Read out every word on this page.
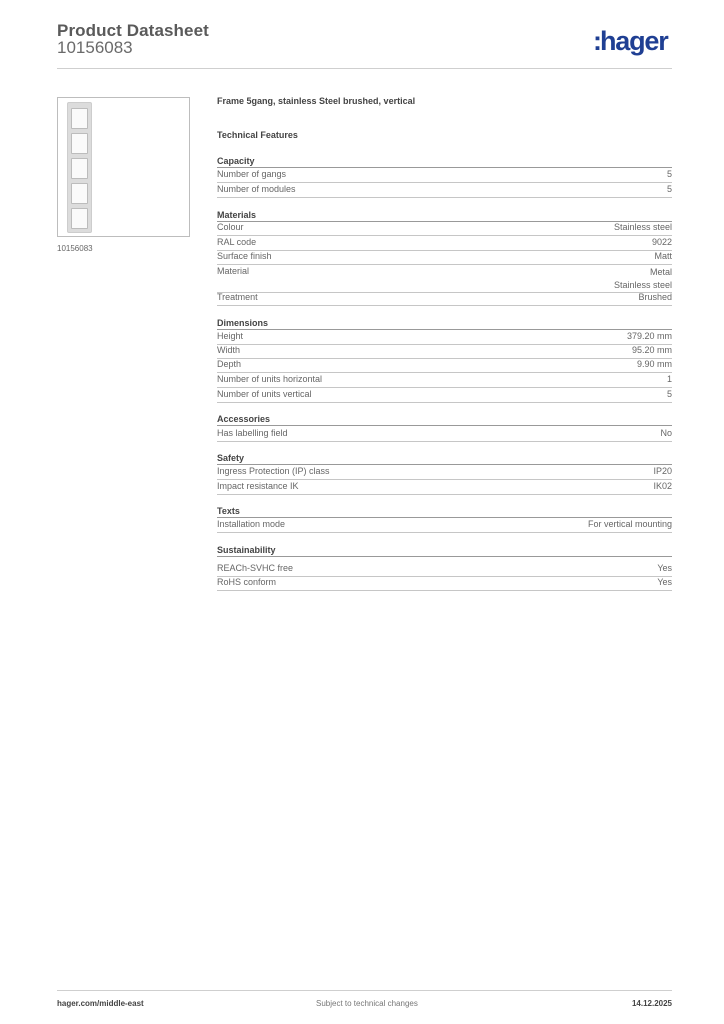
Product Datasheet
10156083	:hager
10156083
Frame 5gang, stainless Steel brushed, vertical
Technical Features
Capacity
Number of gangs	5
Number of modules	5
Materials
Colour	Stainless steel
RAL code	9022
Surface finish	Matt
Material	Metal
Stainless steel
Treatment	Brushed
Dimensions
Height	379.20 mm
Width	95.20 mm
Depth	9.90 mm
Number of units horizontal	1
Number of units vertical	5
Accessories
Has labelling field	No
Safety
Ingress Protection (IP) class	IP20
Impact resistance IK	IK02
Texts
Installation mode	For vertical mounting
Sustainability
REACh-SVHC free	Yes
RoHS conform	Yes
hager.com/middle-east	Subject to technical changes	14.12.2025
